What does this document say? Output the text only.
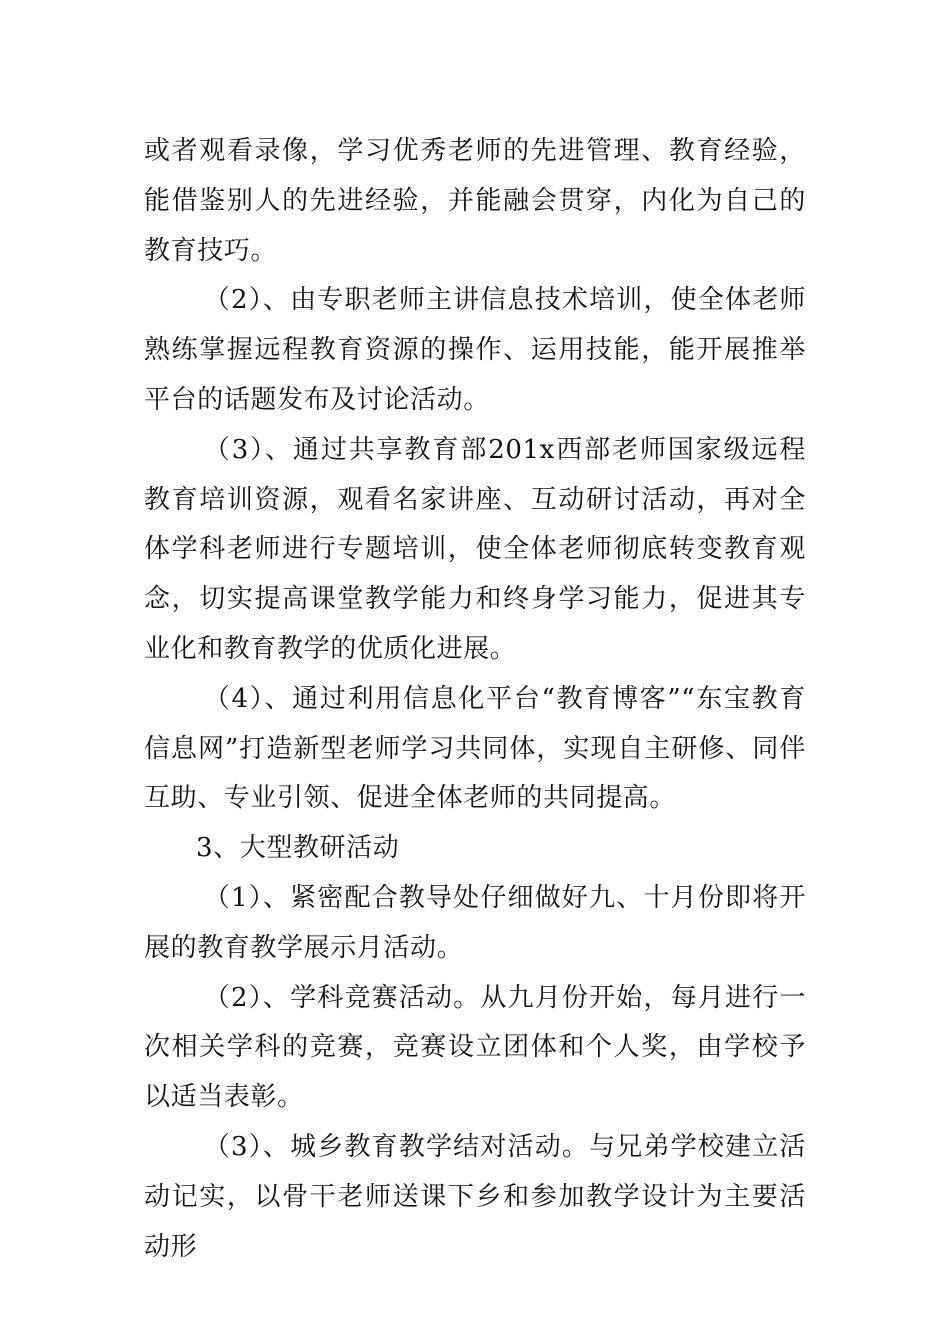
或者观看录像，学习优秀老师的先进管理、教育经验，能借鉴别人的先进经验，并能融会贯穿，内化为自己的教育技巧。

（2）、由专职老师主讲信息技术培训，使全体老师熟练掌握远程教育资源的操作、运用技能，能开展推举平台的话题发布及讨论活动。

（3）、通过共享教育部201x西部老师国家级远程教育培训资源，观看名家讲座、互动研讨活动，再对全体学科老师进行专题培训，使全体老师彻底转变教育观念，切实提高课堂教学能力和终身学习能力，促进其专业化和教育教学的优质化进展。

（4）、通过利用信息化平台“教育博客”“东宝教育信息网”打造新型老师学习共同体，实现自主研修、同伴互助、专业引领、促进全体老师的共同提高。

3、大型教研活动

（1）、紧密配合教导处仔细做好九、十月份即将开展的教育教学展示月活动。

（2）、学科竞赛活动。从九月份开始，每月进行一次相关学科的竞赛，竞赛设立团体和个人奖，由学校予以适当表彰。

（3）、城乡教育教学结对活动。与兄弟学校建立活动记实，以骨干老师送课下乡和参加教学设计为主要活动形
